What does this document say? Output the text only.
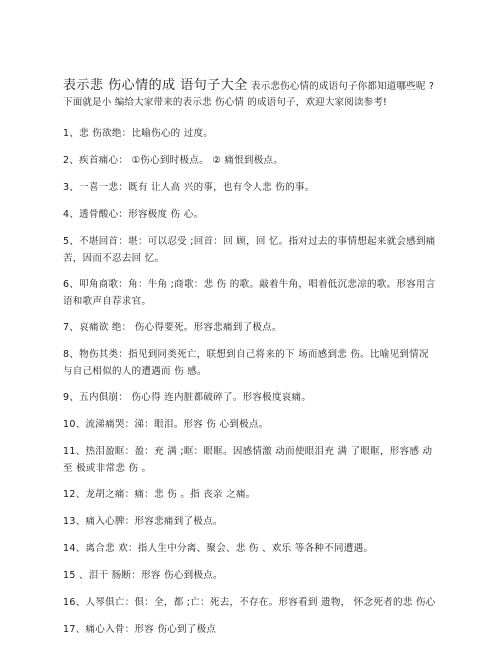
表示悲 伤心情的成 语句子大全 表示悲伤心情的成语句子你都知道哪些呢 ?下面就是小 编给大家带来的表示悲 伤心情 的成语句子，欢迎大家阅读参考!
1、悲 伤欲绝：比喻伤心的 过度。
2、疾首痛心： ①伤心到时极点。 ② 痛恨到极点。
3、一喜一悲：既有 让人高 兴的事，也有令人悲 伤的事。
4、透骨酸心：形容极度 伤 心。
5、不堪回首：堪：可以忍受 ;回首：回 顾，回 忆。指对过去的事情想起来就会感到痛 苦，因而不忍去回 忆。
6、叩角商歌：角：牛角 ;商歌：悲 伤 的歌。敲着牛角，唱着低沉悲凉的歌。形容用言 语和歌声自荐求官。
7、哀痛欲 绝： 伤心得要死。形容悲痛到了极点。
8、物伤其类：指见到同类死亡，联想到自己将来的下 场而感到悲 伤。比喻见到情况 与自己相似的人的遭遇而 伤 感。
9、五内俱崩： 伤心得 连内脏都破碎了。形容极度哀痛。
10、流涕痛哭：涕：眼泪。形容 伤 心到极点。
11、热泪盈眶：盈：充 满 ;眶：眼眶。因感情激 动而使眼泪充 满 了眼眶，形容感 动至 极或非常悲 伤 。
12、龙胡之痛：痛：悲 伤 。指 丧亲 之痛。
13、痛入心脾：形容悲痛到了极点。
14、离合悲 欢：指人生中分离、聚会、悲 伤 、欢乐 等各种不同遭遇。
15 、泪干 肠断：形容 伤心到极点。
16、人琴俱亡：俱：全，都 ;亡：死去，不存在。形容看到 遗物， 怀念死者的悲 伤心
17、痛心入骨：形容 伤心到了极点
